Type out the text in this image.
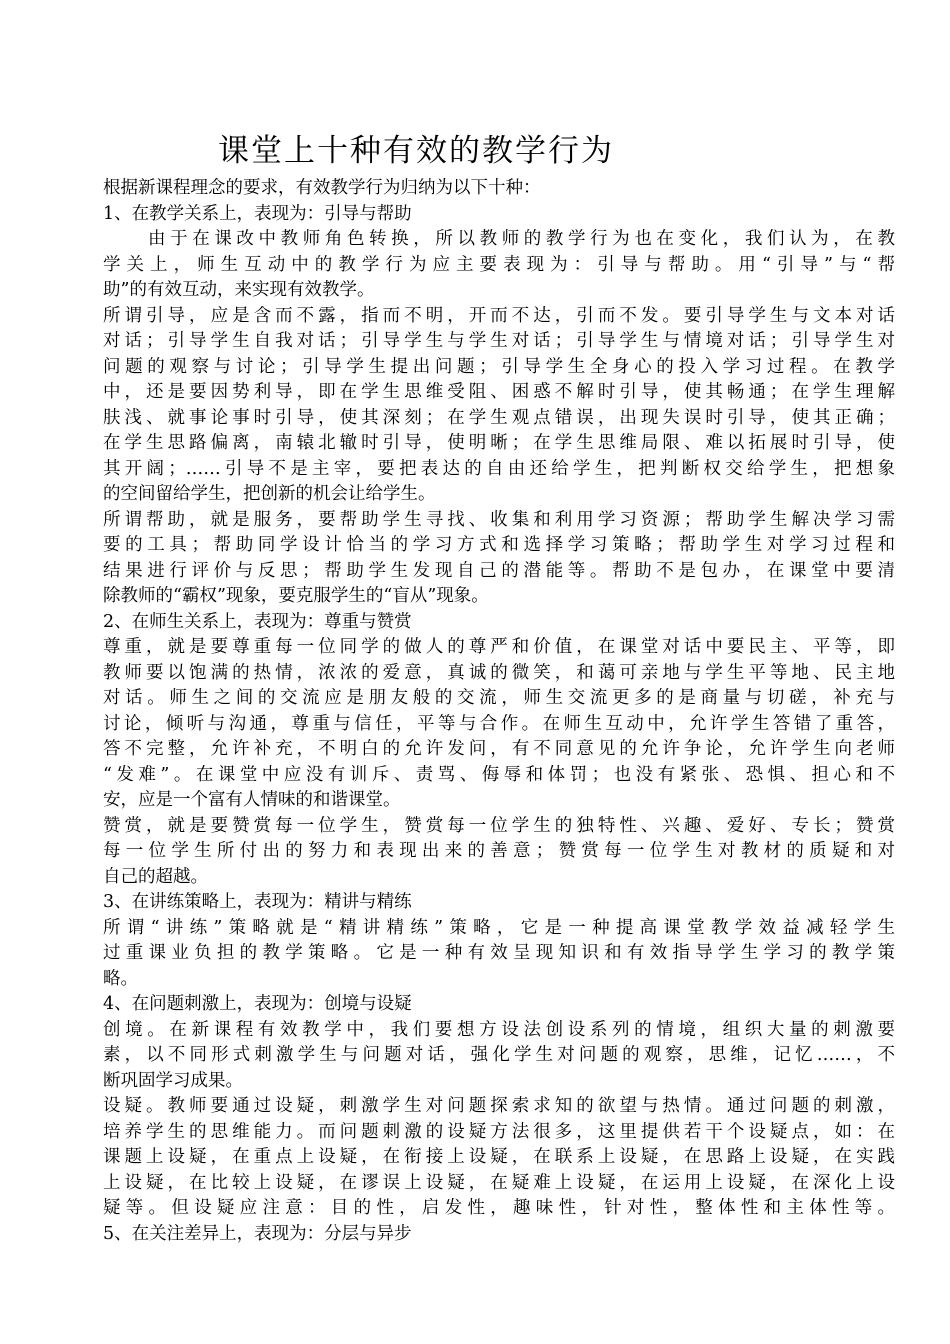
课堂上十种有效的教学行为
根据新课程理念的要求，有效教学行为归纳为以下十种：
1、在教学关系上，表现为：引导与帮助
由于在课改中教师角色转换，所以教师的教学行为也在变化，我们认为，在教
学关上，师生互动中的教学行为应主要表现为：引导与帮助。用“引导”与“帮
助”的有效互动，来实现有效教学。
所谓引导，应是含而不露，指而不明，开而不达，引而不发。要引导学生与文本对话
对话；引导学生自我对话；引导学生与学生对话；引导学生与情境对话；引导学生对
问题的观察与讨论；引导学生提出问题；引导学生全身心的投入学习过程。在教学
中，还是要因势利导，即在学生思维受阻、困惑不解时引导，使其畅通；在学生理解
肤浅、就事论事时引导，使其深刻；在学生观点错误，出现失误时引导，使其正确；
在学生思路偏离，南辕北辙时引导，使明晰；在学生思维局限、难以拓展时引导，使
其开阔；……引导不是主宰，要把表达的自由还给学生，把判断权交给学生，把想象
的空间留给学生，把创新的机会让给学生。
所谓帮助，就是服务，要帮助学生寻找、收集和利用学习资源；帮助学生解决学习需
要的工具；帮助同学设计恰当的学习方式和选择学习策略；帮助学生对学习过程和
结果进行评价与反思；帮助学生发现自己的潜能等。帮助不是包办，在课堂中要清
除教师的“霸权”现象，要克服学生的“盲从”现象。
2、在师生关系上，表现为：尊重与赞赏
尊重，就是要尊重每一位同学的做人的尊严和价值，在课堂对话中要民主、平等，即
教师要以饱满的热情，浓浓的爱意，真诚的微笑，和蔼可亲地与学生平等地、民主地
对话。师生之间的交流应是朋友般的交流，师生交流更多的是商量与切磋，补充与
讨论，倾听与沟通，尊重与信任，平等与合作。在师生互动中，允许学生答错了重答，
答不完整，允许补充，不明白的允许发问，有不同意见的允许争论，允许学生向老师
“发难”。在课堂中应没有训斥、责骂、侮辱和体罚；也没有紧张、恐惧、担心和不
安，应是一个富有人情味的和谐课堂。
赞赏，就是要赞赏每一位学生，赞赏每一位学生的独特性、兴趣、爱好、专长；赞赏
每一位学生所付出的努力和表现出来的善意；赞赏每一位学生对教材的质疑和对
自己的超越。
3、在讲练策略上，表现为：精讲与精练
所谓“讲练”策略就是“精讲精练”策略，它是一种提高课堂教学效益减轻学生
过重课业负担的教学策略。它是一种有效呈现知识和有效指导学生学习的教学策
略。
4、在问题刺激上，表现为：创境与设疑
创境。在新课程有效教学中，我们要想方设法创设系列的情境，组织大量的刺激要
素，以不同形式刺激学生与问题对话，强化学生对问题的观察，思维，记忆……，不
断巩固学习成果。
设疑。教师要通过设疑，刺激学生对问题探索求知的欲望与热情。通过问题的刺激，
培养学生的思维能力。而问题刺激的设疑方法很多，这里提供若干个设疑点，如：在
课题上设疑，在重点上设疑，在衔接上设疑，在联系上设疑，在思路上设疑，在实践
上设疑，在比较上设疑，在谬误上设疑，在疑难上设疑，在运用上设疑，在深化上设
疑等。但设疑应注意：目的性，启发性，趣味性，针对性，整体性和主体性等。
5、在关注差异上，表现为：分层与异步
